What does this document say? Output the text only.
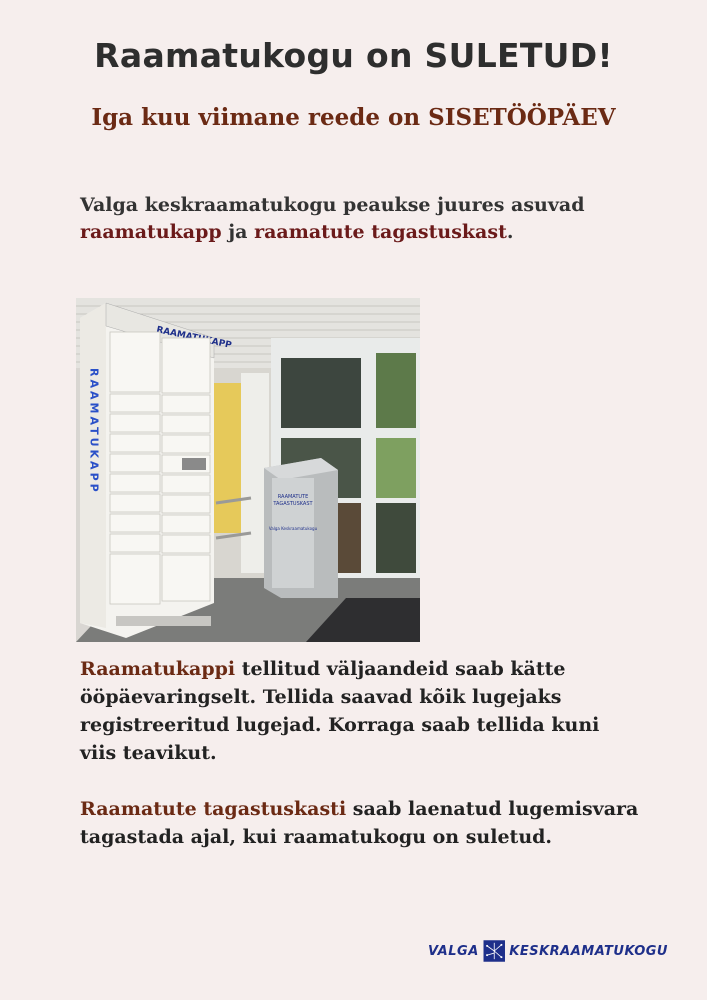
Raamatukogu on SULETUD!
Iga kuu viimane reede on SISETÖÖPÄEV

Valga keskraamatukogu peaukse juures asuvad raamatukapp ja raamatute tagastuskast.

RAAMATUTE
TAGASTUSKAST
Valga Keskraamatukogu
RAAMATUKAPP

Raamatukappi tellitud väljaandeid saab kätte ööpäevaringselt. Tellida saavad kõik lugejaks registreeritud lugejad. Korraga saab tellida kuni viis teavikut.

Raamatute tagastuskasti saab laenatud lugemisvara tagastada ajal, kui raamatukogu on suletud.

VALGA KESKRAAMATUKOGU
